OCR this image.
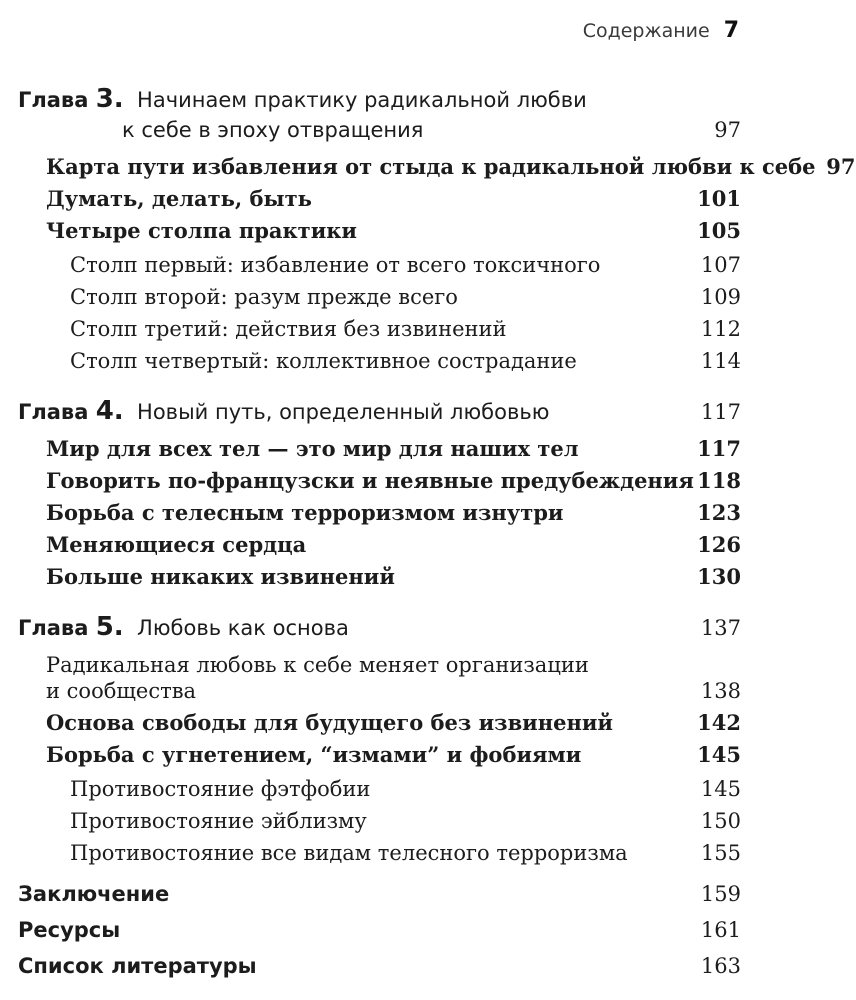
Содержание 7
Глава 3. Начинаем практику радикальной любви
к себе в эпоху отвращения	97
Карта пути избавления от стыда к радикальной любви к себе 97
Думать, делать, быть	101
Четыре столпа практики	105
Столп первый: избавление от всего токсичного	107
Столп второй: разум прежде всего	109
Столп третий: действия без извинений	112
Столп четвертый: коллективное сострадание	114
Глава 4. Новый путь, определенный любовью	117
Мир для всех тел — это мир для наших тел	117
Говорить по-французски и неявные предубеждения 118
Борьба с телесным терроризмом изнутри	123
Меняющиеся сердца	126
Больше никаких извинений	130
Глава 5. Любовь как основа	137
Радикальная любовь к себе меняет организации
и сообщества	138
Основа свободы для будущего без извинений	142
Борьба с угнетением, “измами” и фобиями	145
Противостояние фэтфобии	145
Противостояние эйблизму	150
Противостояние все видам телесного терроризма	155
Заключение	159
Ресурсы	161
Список литературы	163
